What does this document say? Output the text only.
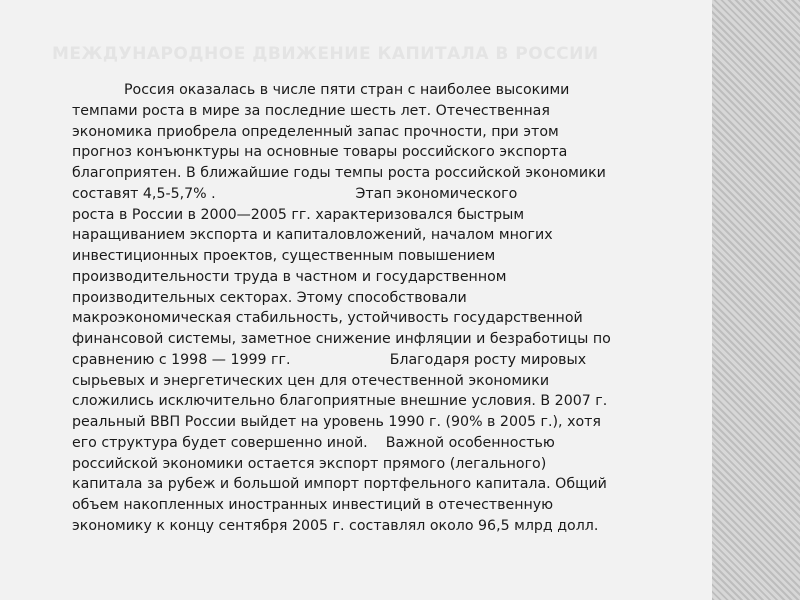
МЕЖДУНАРОДНОЕ ДВИЖЕНИЕ КАПИТАЛА В РОССИИ
Россия оказалась в числе пяти стран с наиболее высокими
темпами роста в мире за последние шесть лет. Отечественная
экономика приобрела определенный запас прочности, при этом
прогноз конъюнктуры на основные товары российского экспорта
благоприятен. В ближайшие годы темпы роста российской экономики
составят 4,5-5,7% .                               Этап экономического
роста в России в 2000—2005 гг. характеризовался быстрым
наращиванием экспорта и капиталовложений, началом многих
инвестиционных проектов, существенным повышением
производительности труда в частном и государственном
производительных секторах. Этому способствовали
макроэкономическая стабильность, устойчивость государственной
финансовой системы, заметное снижение инфляции и безработицы по
сравнению с 1998 — 1999 гг.                      Благодаря росту мировых
сырьевых и энергетических цен для отечественной экономики
сложились исключительно благоприятные внешние условия. В 2007 г.
реальный ВВП России выйдет на уровень 1990 г. (90% в 2005 г.), хотя
его структура будет совершенно иной.    Важной особенностью
российской экономики остается экспорт прямого (легального)
капитала за рубеж и большой импорт портфельного капитала. Общий
объем накопленных иностранных инвестиций в отечественную
экономику к концу сентября 2005 г. составлял около 96,5 млрд долл.
